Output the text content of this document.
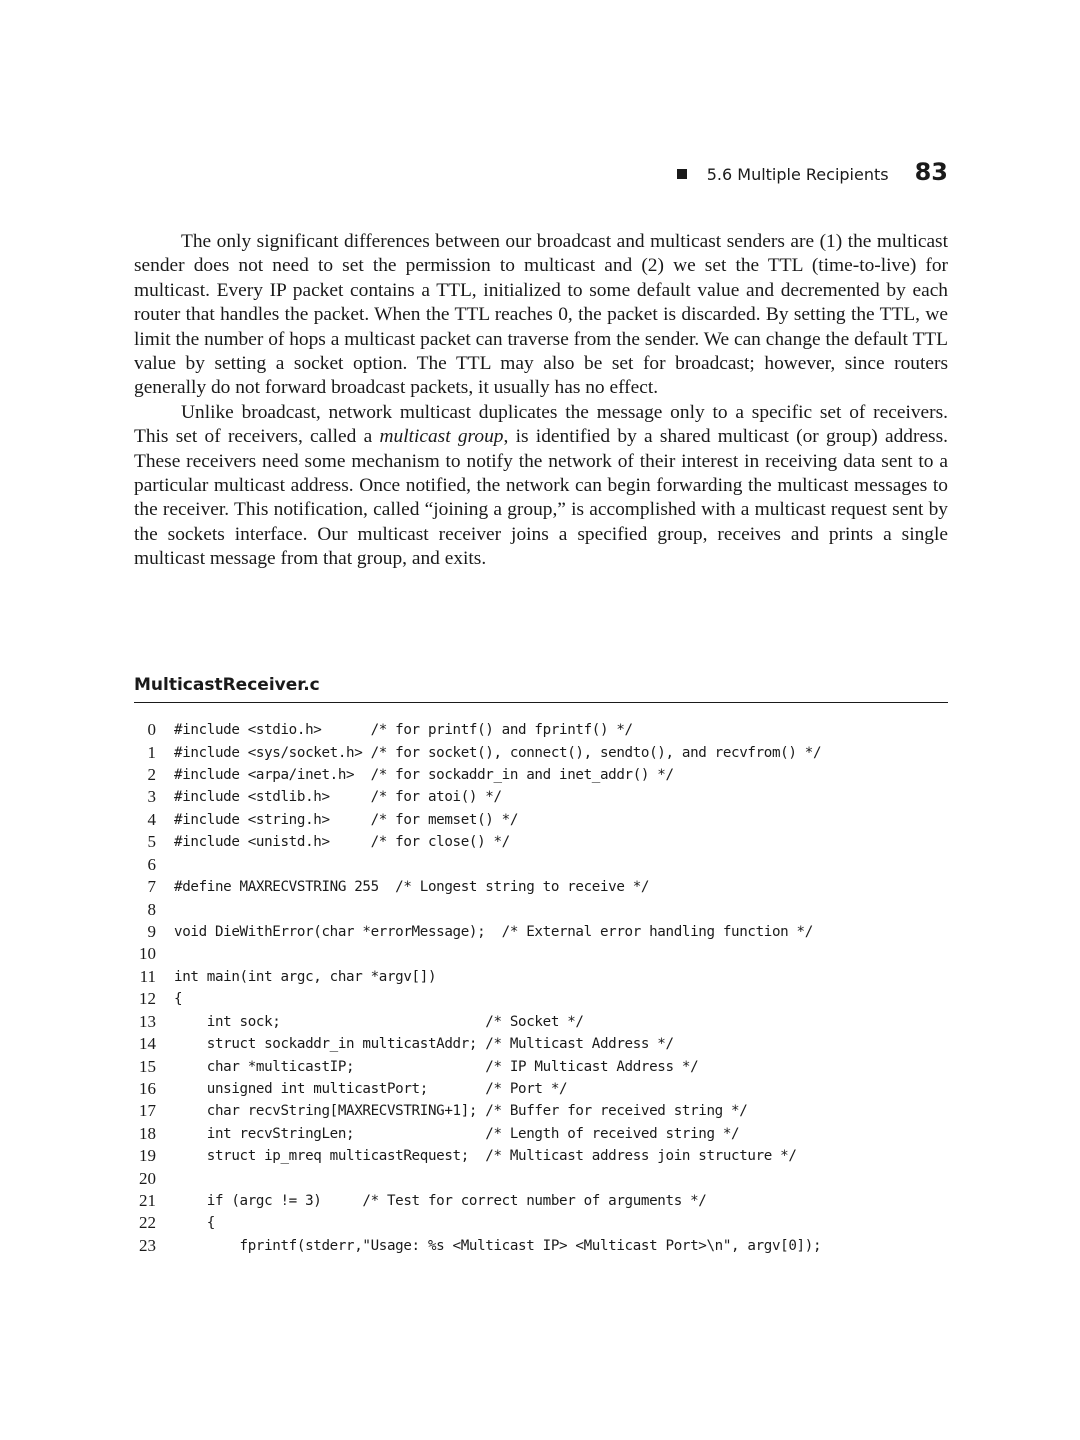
5.6 Multiple Recipients 83

The only significant differences between our broadcast and multicast senders are (1) the multicast sender does not need to set the permission to multicast and (2) we set the TTL (time-to-live) for multicast. Every IP packet contains a TTL, initialized to some default value and decremented by each router that handles the packet. When the TTL reaches 0, the packet is discarded. By setting the TTL, we limit the number of hops a multicast packet can traverse from the sender. We can change the default TTL value by setting a socket option. The TTL may also be set for broadcast; however, since routers generally do not forward broadcast packets, it usually has no effect.

Unlike broadcast, network multicast duplicates the message only to a specific set of receivers. This set of receivers, called a multicast group, is identified by a shared multicast (or group) address. These receivers need some mechanism to notify the network of their interest in receiving data sent to a particular multicast address. Once notified, the network can begin forwarding the multicast messages to the receiver. This notification, called “joining a group,” is accomplished with a multicast request sent by the sockets interface. Our multicast receiver joins a specified group, receives and prints a single multicast message from that group, and exits.

MulticastReceiver.c
0 #include <stdio.h>      /* for printf() and fprintf() */
1 #include <sys/socket.h> /* for socket(), connect(), sendto(), and recvfrom() */
2 #include <arpa/inet.h>  /* for sockaddr_in and inet_addr() */
3 #include <stdlib.h>     /* for atoi() */
4 #include <string.h>     /* for memset() */
5 #include <unistd.h>     /* for close() */
6
7 #define MAXRECVSTRING 255  /* Longest string to receive */
8
9 void DieWithError(char *errorMessage);  /* External error handling function */
10
11 int main(int argc, char *argv[])
12 {
13 int sock;                         /* Socket */
14 struct sockaddr_in multicastAddr; /* Multicast Address */
15 char *multicastIP;                /* IP Multicast Address */
16 unsigned int multicastPort;       /* Port */
17 char recvString[MAXRECVSTRING+1]; /* Buffer for received string */
18 int recvStringLen;                /* Length of received string */
19 struct ip_mreq multicastRequest;  /* Multicast address join structure */
20
21 if (argc != 3)     /* Test for correct number of arguments */
22 {
23 fprintf(stderr,"Usage: %s <Multicast IP> <Multicast Port>\n", argv[0]);
